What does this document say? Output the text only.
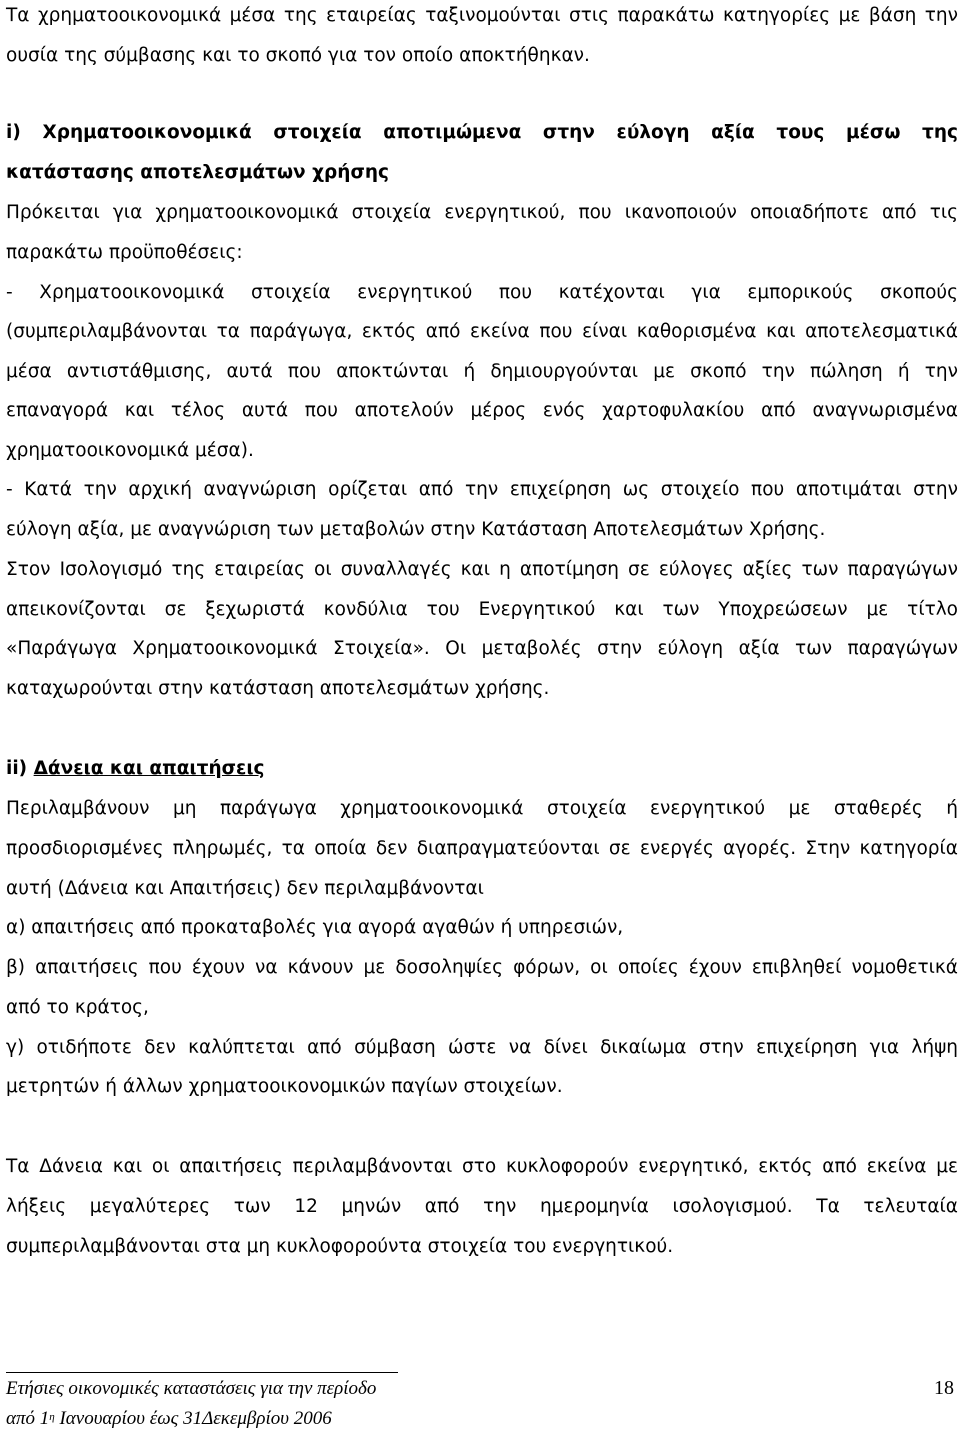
Τα χρηματοοικονομικά μέσα της εταιρείας ταξινομούνται στις παρακάτω κατηγορίες με βάση την
ουσία της σύμβασης και το σκοπό για τον οποίο αποκτήθηκαν.
i) Χρηματοοικονομικά στοιχεία αποτιμώμενα στην εύλογη αξία τους μέσω της
κατάστασης αποτελεσμάτων χρήσης
Πρόκειται για χρηματοοικονομικά στοιχεία ενεργητικού, που ικανοποιούν οποιαδήποτε από τις
παρακάτω προϋποθέσεις:
- Χρηματοοικονομικά στοιχεία ενεργητικού που κατέχονται για εμπορικούς σκοπούς
(συμπεριλαμβάνονται τα παράγωγα, εκτός από εκείνα που είναι καθορισμένα και αποτελεσματικά
μέσα αντιστάθμισης, αυτά που αποκτώνται ή δημιουργούνται με σκοπό την πώληση ή την
επαναγορά και τέλος αυτά που αποτελούν μέρος ενός χαρτοφυλακίου από αναγνωρισμένα
χρηματοοικονομικά μέσα).
- Κατά την αρχική αναγνώριση ορίζεται από την επιχείρηση ως στοιχείο που αποτιμάται στην
εύλογη αξία, με αναγνώριση των μεταβολών στην Κατάσταση Αποτελεσμάτων Χρήσης.
Στον Ισολογισμό της εταιρείας οι συναλλαγές και η αποτίμηση σε εύλογες αξίες των παραγώγων
απεικονίζονται σε ξεχωριστά κονδύλια του Ενεργητικού και των Υποχρεώσεων με τίτλο
«Παράγωγα Χρηματοοικονομικά Στοιχεία». Οι μεταβολές στην εύλογη αξία των παραγώγων
καταχωρούνται στην κατάσταση αποτελεσμάτων χρήσης.
ii) Δάνεια και απαιτήσεις
Περιλαμβάνουν μη παράγωγα χρηματοοικονομικά στοιχεία ενεργητικού με σταθερές ή
προσδιορισμένες πληρωμές, τα οποία δεν διαπραγματεύονται σε ενεργές αγορές. Στην κατηγορία
αυτή (Δάνεια και Απαιτήσεις) δεν περιλαμβάνονται
α) απαιτήσεις από προκαταβολές για αγορά αγαθών ή υπηρεσιών,
β) απαιτήσεις που έχουν να κάνουν με δοσοληψίες φόρων, οι οποίες έχουν επιβληθεί νομοθετικά
από το κράτος,
γ) οτιδήποτε δεν καλύπτεται από σύμβαση ώστε να δίνει δικαίωμα στην επιχείρηση για λήψη
μετρητών ή άλλων χρηματοοικονομικών παγίων στοιχείων.
Τα Δάνεια και οι απαιτήσεις περιλαμβάνονται στο κυκλοφορούν ενεργητικό, εκτός από εκείνα με
λήξεις μεγαλύτερες των 12 μηνών από την ημερομηνία ισολογισμού. Τα τελευταία
συμπεριλαμβάνονται στα μη κυκλοφορούντα στοιχεία του ενεργητικού.
Ετήσιες οικονομικές καταστάσεις για την περίοδο
από $1^\eta$ Ιανουαρίου έως 31Δεκεμβρίου 2006
18
